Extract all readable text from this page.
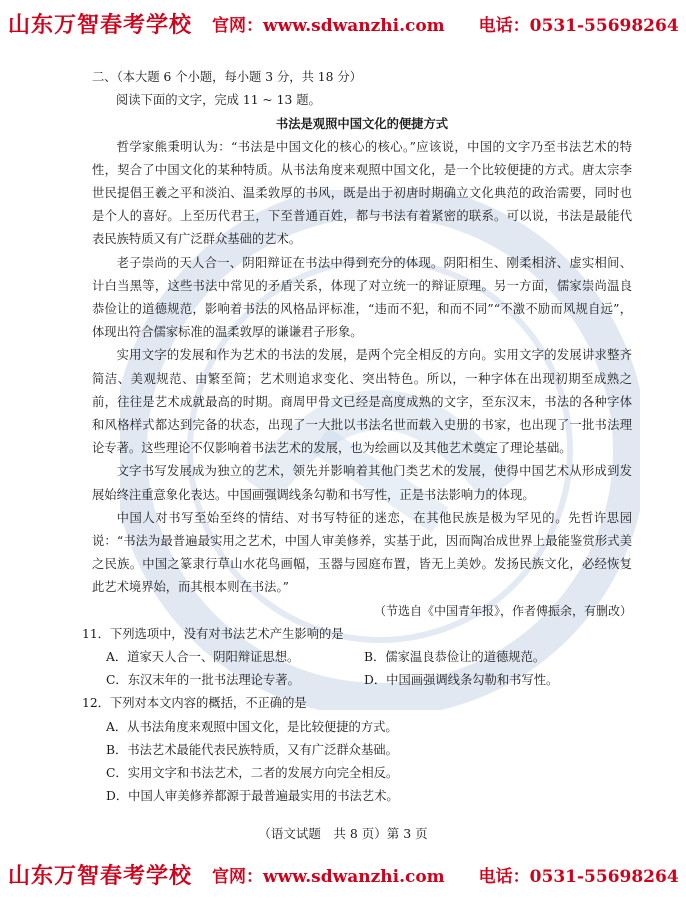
山东万智春考学校 官网：www.sdwanzhi.com 电话：0531-55698264

二、（本大题 6 个小题，每小题 3 分，共 18 分）

阅读下面的文字，完成 11 ~ 13 题。

书法是观照中国文化的便捷方式

哲学家熊秉明认为：“书法是中国文化的核心的核心。”应该说，中国的文字乃至书法艺术的特性，契合了中国文化的某种特质。从书法角度来观照中国文化，是一个比较便捷的方式。唐太宗李世民提倡王羲之平和淡泊、温柔敦厚的书风，既是出于初唐时期确立文化典范的政治需要，同时也是个人的喜好。上至历代君王，下至普通百姓，都与书法有着紧密的联系。可以说，书法是最能代表民族特质又有广泛群众基础的艺术。

老子崇尚的天人合一、阴阳辩证在书法中得到充分的体现。阴阳相生、刚柔相济、虚实相间、计白当黑等，这些书法中常见的矛盾关系，体现了对立统一的辩证原理。另一方面，儒家崇尚温良恭俭让的道德规范，影响着书法的风格品评标准，“违而不犯，和而不同”“不激不励而风规自远”，体现出符合儒家标准的温柔敦厚的谦谦君子形象。

实用文字的发展和作为艺术的书法的发展，是两个完全相反的方向。实用文字的发展讲求整齐简洁、美观规范、由繁至简；艺术则追求变化、突出特色。所以，一种字体在出现初期至成熟之前，往往是艺术成就最高的时期。商周甲骨文已经是高度成熟的文字，至东汉末，书法的各种字体和风格样式都达到完备的状态，出现了一大批以书法名世而载入史册的书家，也出现了一批书法理论专著。这些理论不仅影响着书法艺术的发展，也为绘画以及其他艺术奠定了理论基础。

文字书写发展成为独立的艺术，领先并影响着其他门类艺术的发展，使得中国艺术从形成到发展始终注重意象化表达。中国画强调线条勾勒和书写性，正是书法影响力的体现。

中国人对书写至始至终的情结、对书写特征的迷恋，在其他民族是极为罕见的。先哲许思园说：“书法为最普遍最实用之艺术，中国人审美修养，实基于此，因而陶冶成世界上最能鉴赏形式美之民族。中国之篆隶行草山水花鸟画幅，玉器与园庭布置，皆无上美妙。发扬民族文化，必经恢复此艺术境界始，而其根本则在书法。”

（节选自《中国青年报》，作者傅振余，有删改）

11．下列选项中，没有对书法艺术产生影响的是

A．道家天人合一、阴阳辩证思想。	B．儒家温良恭俭让的道德规范。

C．东汉末年的一批书法理论专著。	D．中国画强调线条勾勒和书写性。

12．下列对本文内容的概括，不正确的是

A．从书法角度来观照中国文化，是比较便捷的方式。

B．书法艺术最能代表民族特质，又有广泛群众基础。

C．实用文字和书法艺术，二者的发展方向完全相反。

D．中国人审美修养都源于最普遍最实用的书法艺术。

（语文试题　共 8 页）第 3 页
山东万智春考学校 官网：www.sdwanzhi.com 电话：0531-55698264
